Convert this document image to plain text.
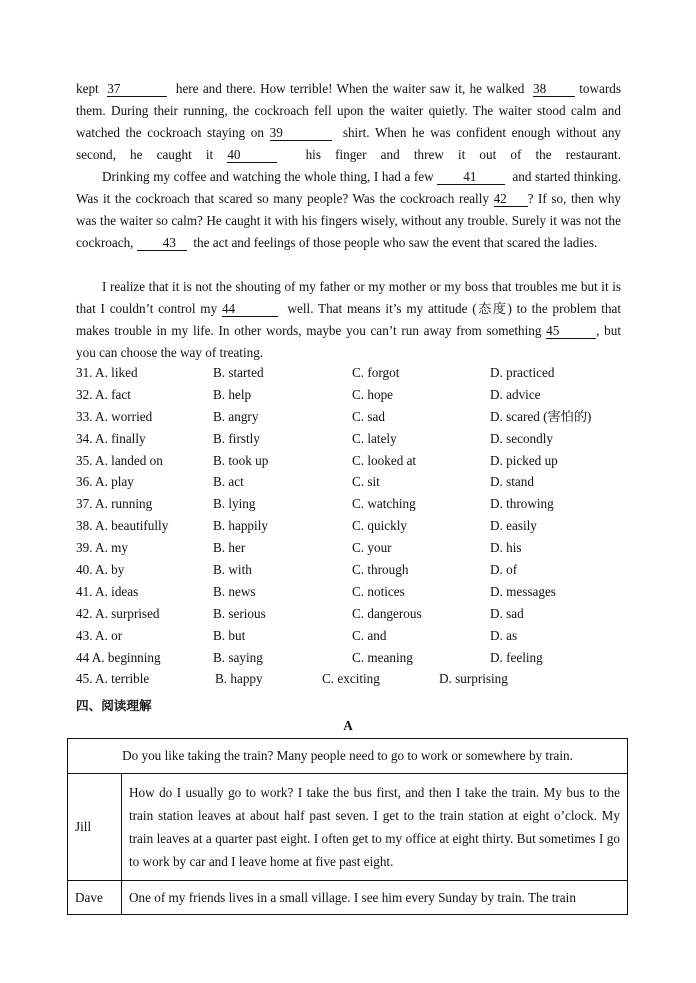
kept 37	here and there. How terrible! When the waiter saw it, he walked 38	towards them. During their running, the cockroach fell upon the waiter quietly. The waiter stood calm and watched the cockroach staying on 39	shirt. When he was confident enough without any second, he caught it 40	his finger and threw it out of the restaurant.

Drinking my coffee and watching the whole thing, I had a few 41	and started thinking. Was it the cockroach that scared so many people? Was the cockroach really 42 ? If so, then why was the waiter so calm? He caught it with his fingers wisely, without any trouble. Surely it was not the cockroach, 43 the act and feelings of those people who saw the event that scared the ladies.

I realize that it is not the shouting of my father or my mother or my boss that troubles me but it is that I couldn’t control my 44	well. That means it’s my attitude (态度) to the problem that makes trouble in my life. In other words, maybe you can’t run away from something 45	, but you can choose the way of treating.

31. A. liked	B. started	C. forgot	D. practiced
32. A. fact	B. help	C. hope	D. advice
33. A. worried	B. angry	C. sad	D. scared (害怕的)
34. A. finally	B. firstly	C. lately	D. secondly
35. A. landed on	B. took up	C. looked at	D. picked up
36. A. play	B. act	C. sit	D. stand
37. A. running	B. lying	C. watching	D. throwing
38. A. beautifully	B. happily	C. quickly	D. easily
39. A. my	B. her	C. your	D. his
40. A. by	B. with	C. through	D. of
41. A. ideas	B. news	C. notices	D. messages
42. A. surprised	B. serious	C. dangerous	D. sad
43. A. or	B. but	C. and	D. as
44 A. beginning	B. saying	C. meaning	D. feeling
45. A. terrible	B. happy	C. exciting	D. surprising
四、阅读理解
A
Do you like taking the train? Many people need to go to work or somewhere by train.	
Jill	How do I usually go to work? I take the bus first, and then I take the train. My bus to the train station leaves at about half past seven. I get to the train station at eight o’clock. My train leaves at a quarter past eight. I often get to my office at eight thirty. But sometimes I go to work by car and I leave home at five past eight.
Dave	One of my friends lives in a small village. I see him every Sunday by train. The train
